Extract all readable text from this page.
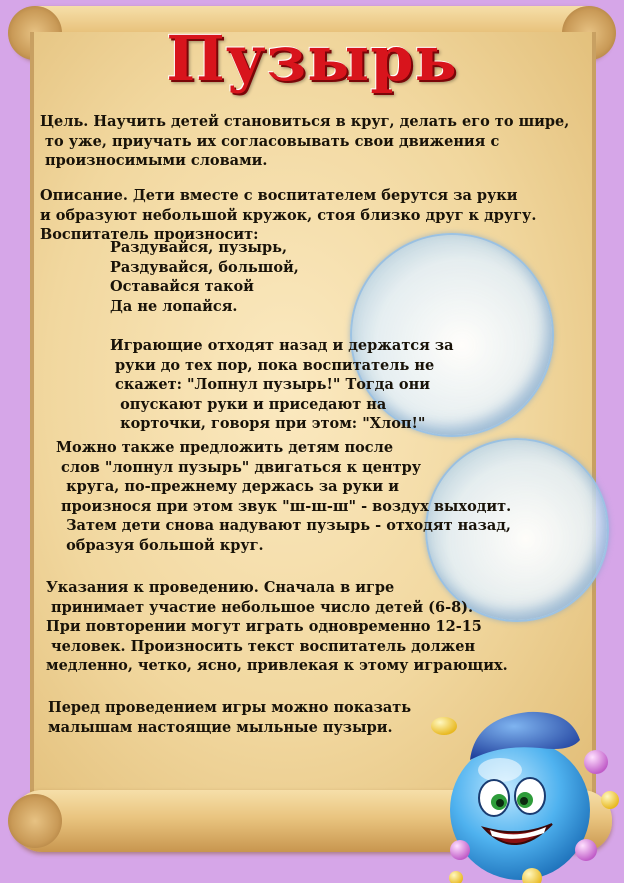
Пузырь
Цель. Научить детей становиться в круг, делать его то шире,
то уже, приучать их согласовывать свои движения с
произносимыми словами.
Описание. Дети вместе с воспитателем берутся за руки
и образуют небольшой кружок, стоя близко друг к другу.
Воспитатель произносит:
Раздувайся, пузырь,
Раздувайся, большой,
Оставайся такой
Да не лопайся.
Играющие отходят назад и держатся за
руки до тех пор, пока воспитатель не
скажет: "Лопнул пузырь!" Тогда они
опускают руки и приседают на
корточки, говоря при этом: "Хлоп!"
Можно также предложить детям после
слов "лопнул пузырь" двигаться к центру
круга, по-прежнему держась за руки и
произнося при этом звук "ш-ш-ш" - воздух выходит.
Затем дети снова надувают пузырь - отходят назад,
образуя большой круг.
Указания к проведению. Сначала в игре
принимает участие небольшое число детей (6-8).
При повторении могут играть одновременно 12-15
человек. Произносить текст воспитатель должен
медленно, четко, ясно, привлекая к этому играющих.
Перед проведением игры можно показать
малышам настоящие мыльные пузыри.
